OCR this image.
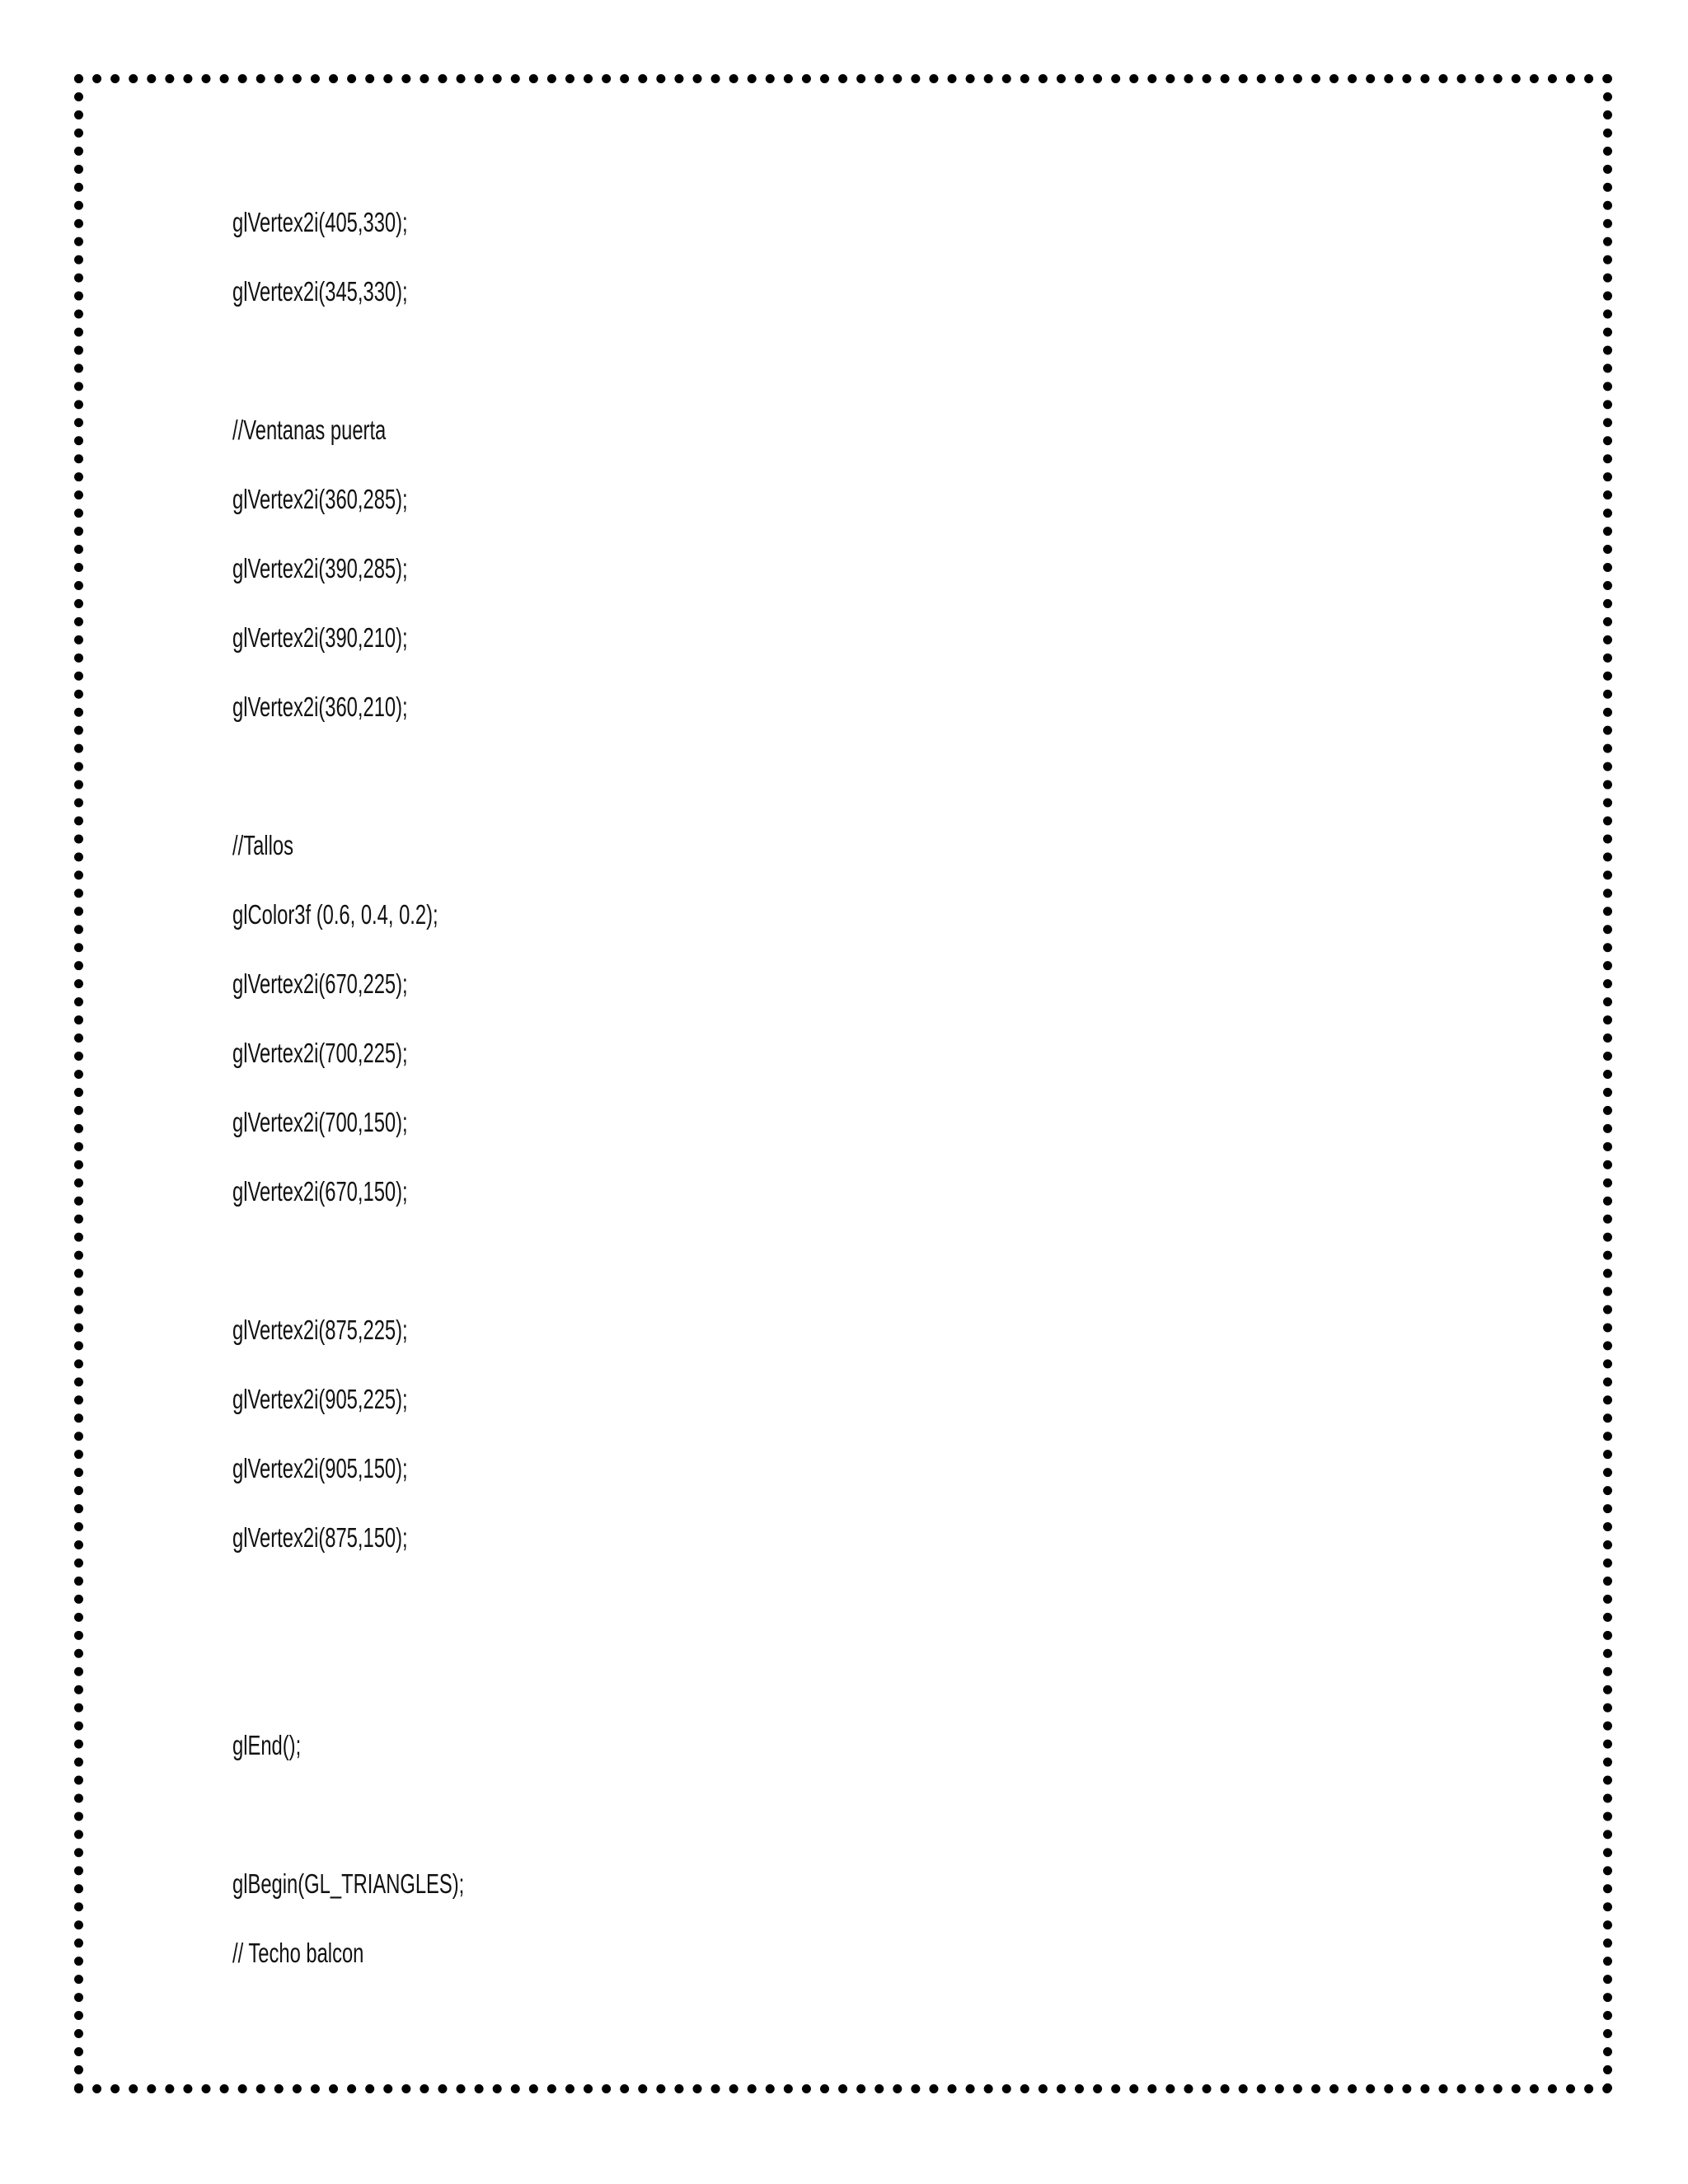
glVertex2i(405,330);
glVertex2i(345,330);
//Ventanas puerta
glVertex2i(360,285);
glVertex2i(390,285);
glVertex2i(390,210);
glVertex2i(360,210);
//Tallos
glColor3f (0.6, 0.4, 0.2);
glVertex2i(670,225);
glVertex2i(700,225);
glVertex2i(700,150);
glVertex2i(670,150);
glVertex2i(875,225);
glVertex2i(905,225);
glVertex2i(905,150);
glVertex2i(875,150);
glEnd();
glBegin(GL_TRIANGLES);
// Techo balcon
